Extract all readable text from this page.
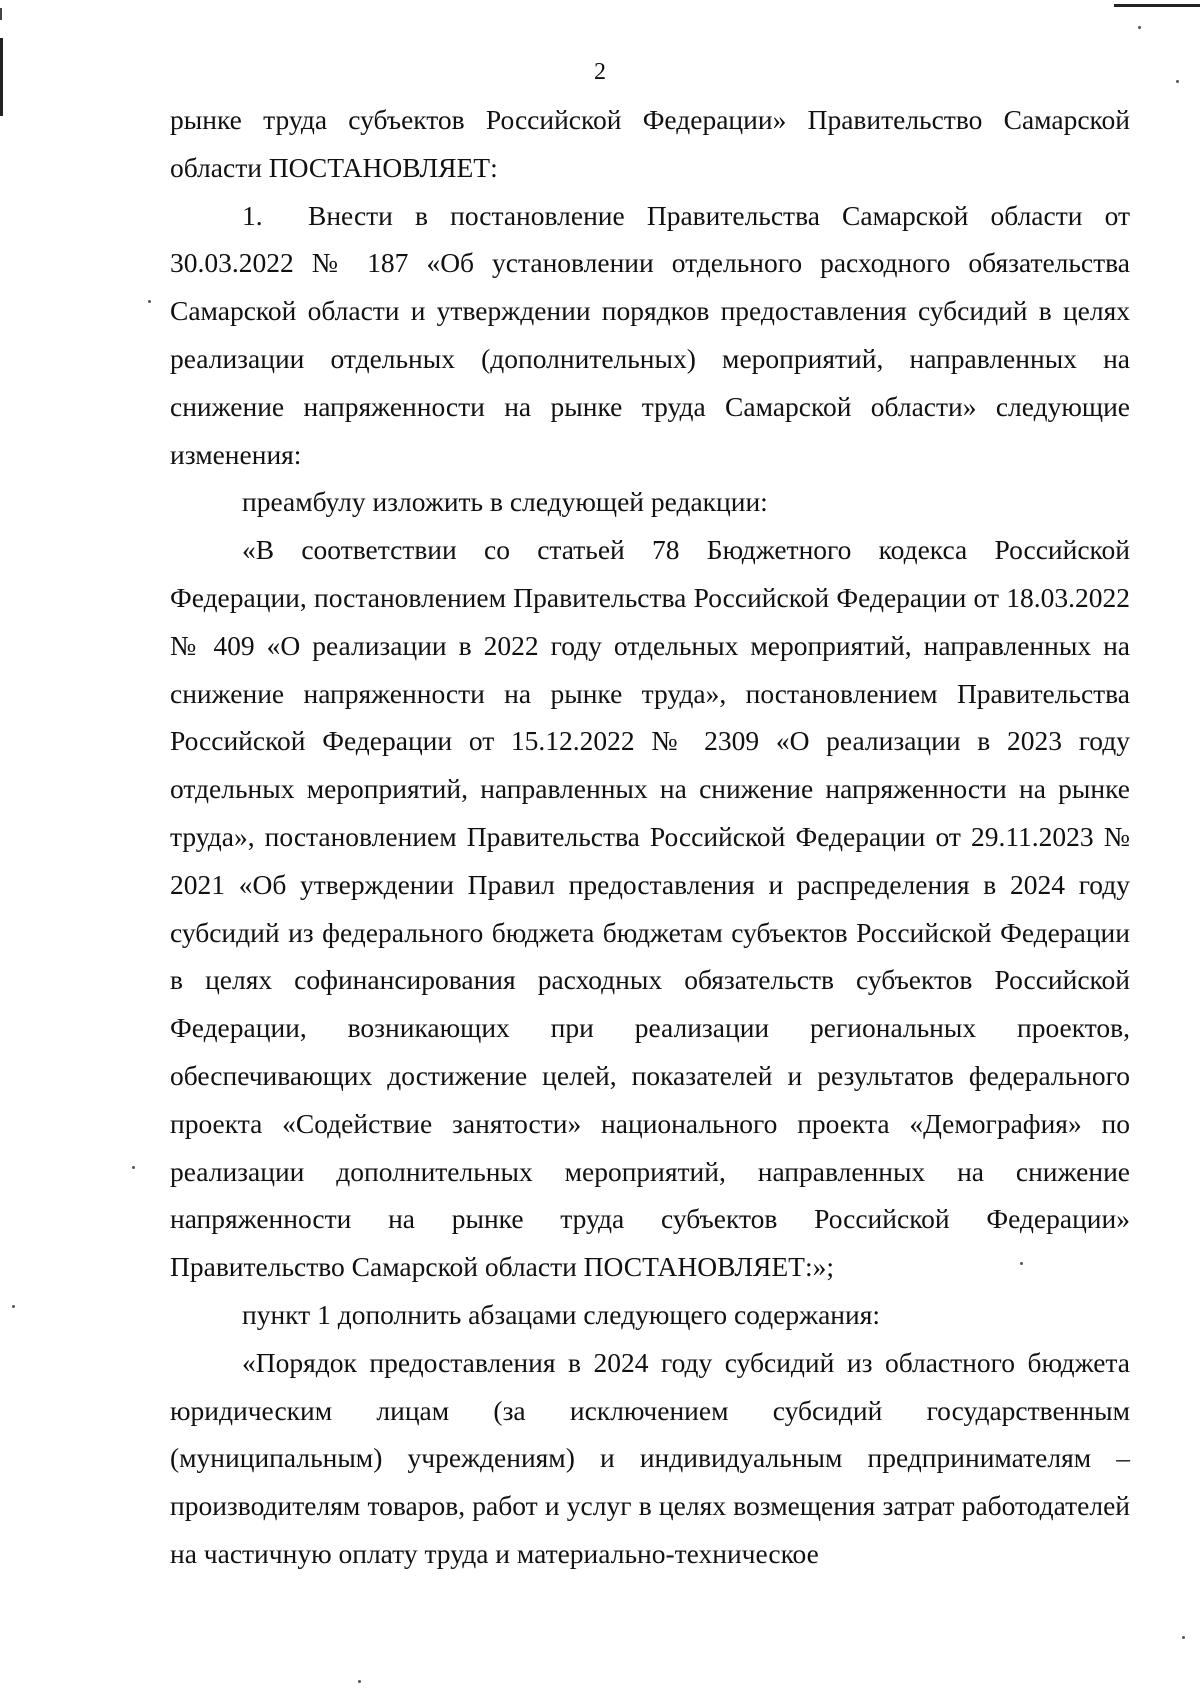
2

рынке труда субъектов Российской Федерации» Правительство Самарской области ПОСТАНОВЛЯЕТ:

1. Внести в постановление Правительства Самарской области от 30.03.2022 № 187 «Об установлении отдельного расходного обязательства Самарской области и утверждении порядков предоставления субсидий в целях реализации отдельных (дополнительных) мероприятий, направленных на снижение напряженности на рынке труда Самарской области» следующие изменения:

преамбулу изложить в следующей редакции:

«В соответствии со статьей 78 Бюджетного кодекса Российской Федерации, постановлением Правительства Российской Федерации от 18.03.2022 № 409 «О реализации в 2022 году отдельных мероприятий, направленных на снижение напряженности на рынке труда», постановлением Правительства Российской Федерации от 15.12.2022 № 2309 «О реализации в 2023 году отдельных мероприятий, направленных на снижение напряженности на рынке труда», постановлением Правительства Российской Федерации от 29.11.2023 № 2021 «Об утверждении Правил предоставления и распределения в 2024 году субсидий из федерального бюджета бюджетам субъектов Российской Федерации в целях софинансирования расходных обязательств субъектов Российской Федерации, возникающих при реализации региональных проектов, обеспечивающих достижение целей, показателей и результатов федерального проекта «Содействие занятости» национального проекта «Демография» по реализации дополнительных мероприятий, направленных на снижение напряженности на рынке труда субъектов Российской Федерации» Правительство Самарской области ПОСТАНОВЛЯЕТ:»;

пункт 1 дополнить абзацами следующего содержания:

«Порядок предоставления в 2024 году субсидий из областного бюджета юридическим лицам (за исключением субсидий государственным (муниципальным) учреждениям) и индивидуальным предпринимателям – производителям товаров, работ и услуг в целях возмещения затрат работодателей на частичную оплату труда и материально-техническое
